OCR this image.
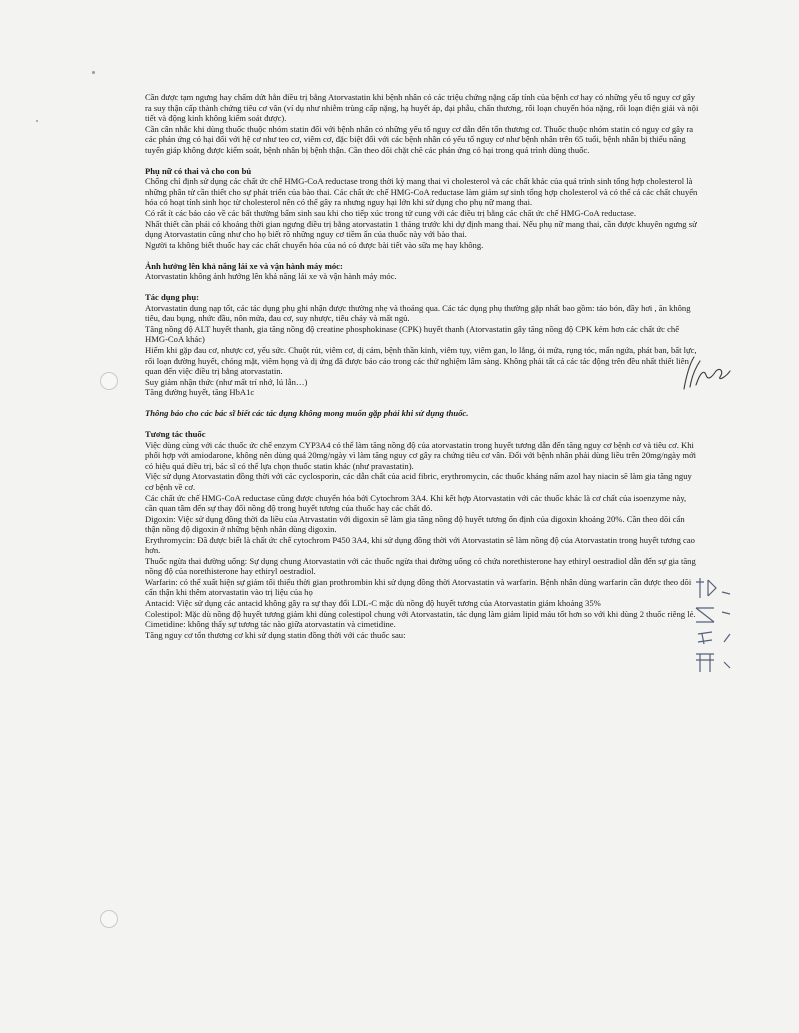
Cần được tạm ngưng hay chấm dứt hẳn điều trị bằng Atorvastatin khi bệnh nhân có các triệu chứng nặng cấp tính của bệnh cơ hay có những yếu tố nguy cơ gây ra suy thận cấp thành chứng tiêu cơ vân (ví dụ như nhiễm trùng cấp nặng, hạ huyết áp, đại phẫu, chấn thương, rối loạn chuyển hóa nặng, rối loạn điện giải và nội tiết và động kinh không kiểm soát được).

Cần cân nhắc khi dùng thuốc thuộc nhóm statin đối với bệnh nhân có những yếu tố nguy cơ dẫn đến tổn thương cơ. Thuốc thuộc nhóm statin có nguy cơ gây ra các phản ứng có hại đối với hệ cơ như teo cơ, viêm cơ, đặc biệt đối với các bệnh nhân có yếu tố nguy cơ như bệnh nhân trên 65 tuổi, bệnh nhân bị thiểu năng tuyến giáp không được kiểm soát, bệnh nhân bị bệnh thận. Cần theo dõi chặt chẽ các phản ứng có hại trong quá trình dùng thuốc.

Phụ nữ có thai và cho con bú

Chống chỉ định sử dụng các chất ức chế HMG-CoA reductase trong thời kỳ mang thai vì cholesterol và các chất khác của quá trình sinh tổng hợp cholesterol là những phân tử cần thiết cho sự phát triển của bào thai. Các chất ức chế HMG-CoA reductase làm giảm sự sinh tổng hợp cholesterol và có thể cả các chất chuyển hóa có hoạt tính sinh học từ cholesterol nên có thể gây ra nhưng nguy hại lớn khi sử dụng cho phụ nữ mang thai.

Có rất ít các báo cáo về các bất thường bẩm sinh sau khi cho tiếp xúc trong tử cung với các điều trị bằng các chất ức chế HMG-CoA reductase.

Nhất thiết cần phải có khoảng thời gian ngưng điều trị bằng atorvastatin 1 tháng trước khi dự định mang thai. Nếu phụ nữ mang thai, cần được khuyên ngưng sử dụng Atorvastatin cũng như cho họ biết rõ những nguy cơ tiềm ẩn của thuốc này với bào thai.

Người ta không biết thuốc hay các chất chuyển hóa của nó có được bài tiết vào sữa mẹ hay không.

Ảnh hưởng lên khả năng lái xe và vận hành máy móc:

Atorvastatin không ảnh hưởng lên khả năng lái xe và vận hành máy móc.

Tác dụng phụ:

Atorvastatin dung nạp tốt, các tác dụng phụ ghi nhận được thường nhẹ và thoáng qua. Các tác dụng phụ thường gặp nhất bao gồm: táo bón, đầy hơi , ăn không tiêu, đau bụng, nhức đầu, nôn mửa, đau cơ, suy nhược, tiêu chảy và mất ngủ.

Tăng nồng độ ALT huyết thanh, gia tăng nồng độ creatine phosphokinase (CPK) huyết thanh (Atorvastatin gây tăng nồng độ CPK kém hơn các chất ức chế HMG-CoA khác)

Hiếm khi gặp đau cơ, nhược cơ, yếu sức. Chuột rút, viêm cơ, dị cảm, bệnh thần kinh, viêm tụy, viêm gan, lo lắng, ói mửa, rụng tóc, mẩn ngứa, phát ban, bất lực, rối loạn đường huyết, chóng mặt, viêm họng và dị ứng đã được báo cáo trong các thử nghiệm lâm sàng. Không phải tất cả các tác động trên đều nhất thiết liên quan đến việc điều trị bằng atorvastatin.

Suy giảm nhận thức (như mất trí nhớ, lú lẫn…)

Tăng đường huyết, tăng HbA1c

Thông báo cho các bác sĩ biết các tác dụng không mong muốn gặp phải khi sử dụng thuốc.

Tương tác thuốc

Việc dùng cùng với các thuốc ức chế enzym CYP3A4 có thể làm tăng nồng độ của atorvastatin trong huyết tương dẫn đến tăng nguy cơ bệnh cơ và tiêu cơ. Khi phối hợp với amiodarone, không nên dùng quá 20mg/ngày vì làm tăng nguy cơ gây ra chứng tiêu cơ vân. Đối với bệnh nhân phải dùng liều trên 20mg/ngày mới có hiệu quả điều trị, bác sĩ có thể lựa chọn thuốc statin khác (như pravastatin).

Việc sử dụng Atorvastatin đồng thời với các cyclosporin, các dẫn chất của acid fibric, erythromycin, các thuốc kháng nấm azol hay niacin sẽ làm gia tăng nguy cơ bệnh về cơ.

Các chất ức chế HMG-CoA reductase cũng được chuyển hóa bởi Cytochrom 3A4. Khi kết hợp Atorvastatin với các thuốc khác là cơ chất của isoenzyme này, cần quan tâm đến sự thay đổi nồng độ trong huyết tương của thuốc hay các chất đó.

Digoxin: Việc sử dụng đồng thời đa liều của Atrvastatin với digoxin sẽ làm gia tăng nồng độ huyết tương ổn định của digoxin khoảng 20%. Cần theo dõi cẩn thận nồng độ digoxin ở những bệnh nhân dùng digoxin.

Erythromycin: Đã được biết là chất ức chế cytochrom P450 3A4, khi sử dụng đồng thời với Atorvastatin sẽ làm nồng độ của Atorvastatin trong huyết tương cao hơn.

Thuốc ngừa thai đường uống: Sự dụng chung Atorvastatin với các thuốc ngừa thai đường uống có chứa norethisterone hay ethiryl oestradiol dẫn đến sự gia tăng nồng độ của norethisterone hay ethiryl oestradiol.

Warfarin: có thể xuất hiện sự giảm tối thiểu thời gian prothrombin khi sử dụng đồng thời Atorvastatin và warfarin. Bệnh nhân dùng warfarin cần được theo dõi cẩn thận khi thêm atorvastatin vào trị liệu của họ

Antacid: Việc sử dụng các antacid không gây ra sự thay đổi LDL-C mặc dù nồng độ huyết tương của Atorvastatin giảm khoảng 35%

Colestipol: Mặc dù nồng độ huyết tương giảm khi dùng colestipol chung với Atorvastatin, tác dụng làm giảm lipid máu tốt hơn so với khi dùng 2 thuốc riêng lẻ.

Cimetidine: không thấy sự tương tác nào giữa atorvastatin và cimetidine.

Tăng nguy cơ tổn thương cơ khi sử dụng statin đồng thời với các thuốc sau:
